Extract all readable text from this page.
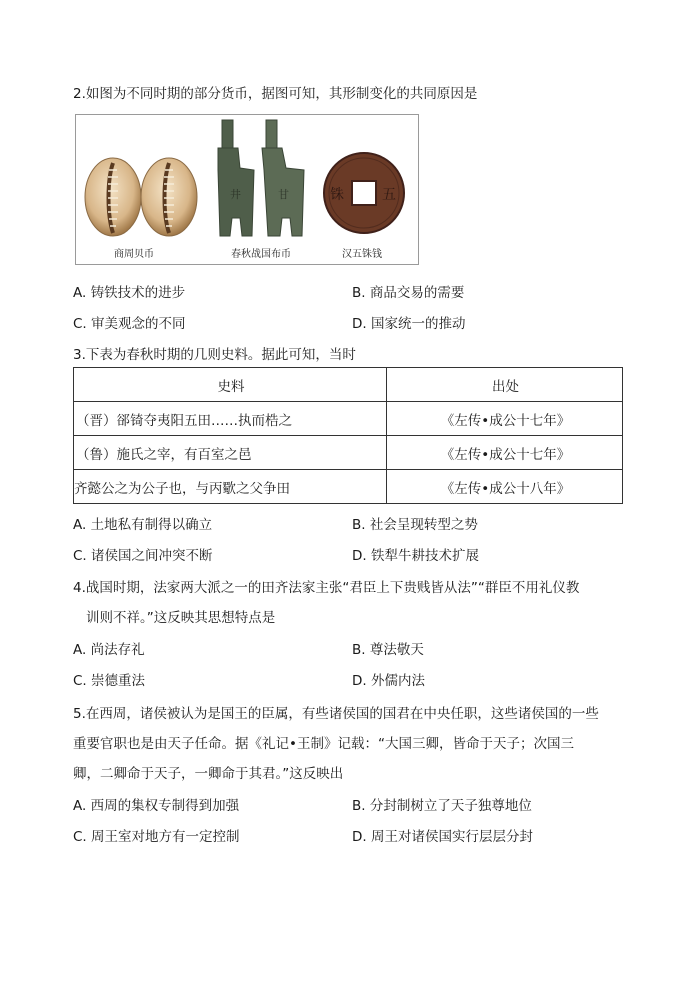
2.如图为不同时期的部分货币，据图可知，其形制变化的共同原因是
商周贝币
井	甘
春秋战国布币
铢	五
汉五铢钱
A. 铸铁技术的进步	B. 商品交易的需要
C. 审美观念的不同	D. 国家统一的推动
3.下表为春秋时期的几则史料。据此可知，当时
史料	出处
（晋）郤锜夺夷阳五田……执而梏之	《左传•成公十七年》
（鲁）施氏之宰，有百室之邑	《左传•成公十七年》
齐懿公之为公子也，与丙歜之父争田	《左传•成公十八年》
A. 土地私有制得以确立	B. 社会呈现转型之势
C. 诸侯国之间冲突不断	D. 铁犁牛耕技术扩展
4.战国时期，法家两大派之一的田齐法家主张“君臣上下贵贱皆从法”“群臣不用礼仪教
训则不祥。”这反映其思想特点是
A. 尚法存礼	B. 尊法敬天
C. 崇德重法	D. 外儒内法
5.在西周，诸侯被认为是国王的臣属，有些诸侯国的国君在中央任职，这些诸侯国的一些
重要官职也是由天子任命。据《礼记•王制》记载：“大国三卿，皆命于天子；次国三
卿，二卿命于天子，一卿命于其君。”这反映出
A. 西周的集权专制得到加强	B. 分封制树立了天子独尊地位
C. 周王室对地方有一定控制	D. 周王对诸侯国实行层层分封
